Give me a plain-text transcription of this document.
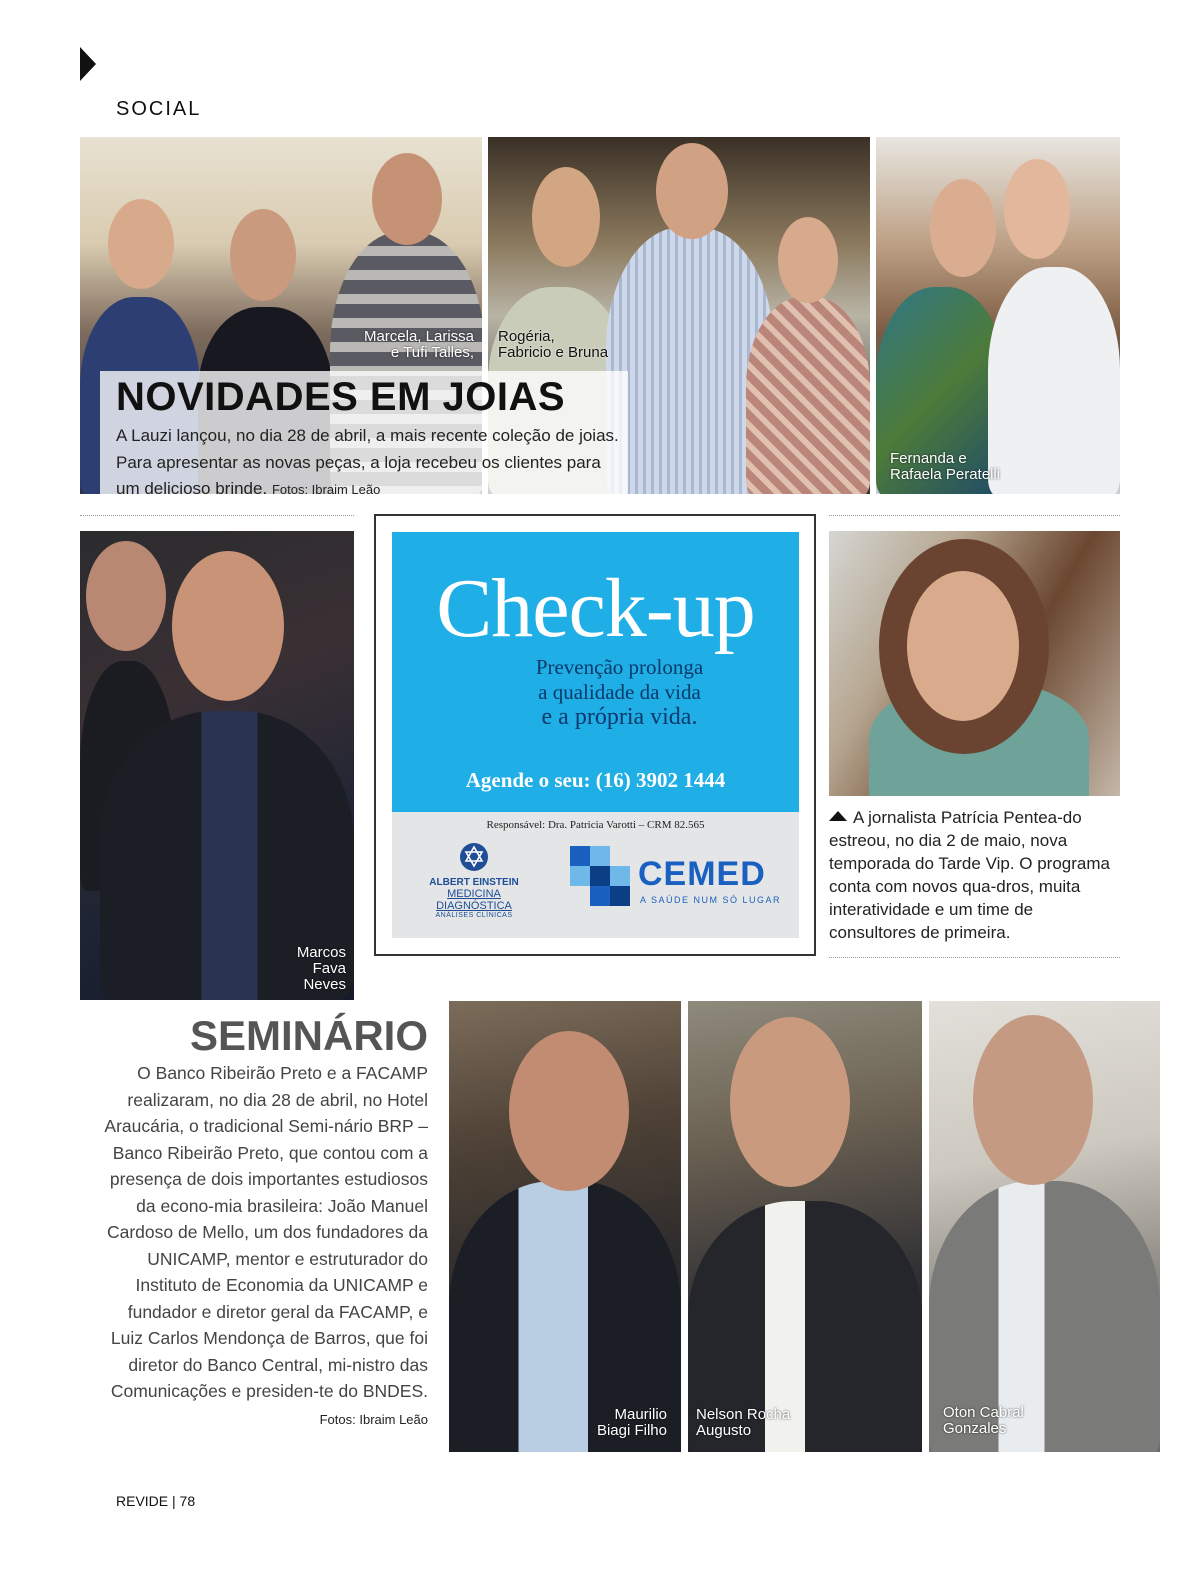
SOCIAL
Marcela, Larissa
e Tufi Talles,
Rogéria,
Fabricio e Bruna
Fernanda e
Rafaela Peratelli
NOVIDADES EM JOIAS
A Lauzi lançou, no dia 28 de abril, a mais recente coleção de joias. Para apresentar as novas peças, a loja recebeu os clientes para um delicioso brinde. Fotos: Ibraim Leão
Marcos
Fava
Neves
Check-up
Prevenção prolonga
a qualidade da vida
e a própria vida.
Agende o seu: (16) 3902 1444
Responsável: Dra. Patricia Varotti – CRM 82.565
ALBERT EINSTEIN
MEDICINA DIAGNÓSTICA
ANÁLISES CLÍNICAS
CEMED
A SAÚDE NUM SÓ LUGAR
A jornalista Patrícia Pentea-do estreou, no dia 2 de maio, nova temporada do Tarde Vip. O programa conta com novos qua-dros, muita interatividade e um time de consultores de primeira.
SEMINÁRIO
O Banco Ribeirão Preto e a FACAMP realizaram, no dia 28 de abril, no Hotel Araucária, o tradicional Semi-nário BRP – Banco Ribeirão Preto, que contou com a presença de dois importantes estudiosos da econo-mia brasileira: João Manuel Cardoso de Mello, um dos fundadores da UNICAMP, mentor e estruturador do Instituto de Economia da UNICAMP e fundador e diretor geral da FACAMP, e Luiz Carlos Mendonça de Barros, que foi diretor do Banco Central, mi-nistro das Comunicações e presiden-te do BNDES. Fotos: Ibraim Leão	Maurilio
Biagi Filho
Nelson Rocha
Augusto
Oton Cabral
Gonzales
REVIDE | 78
